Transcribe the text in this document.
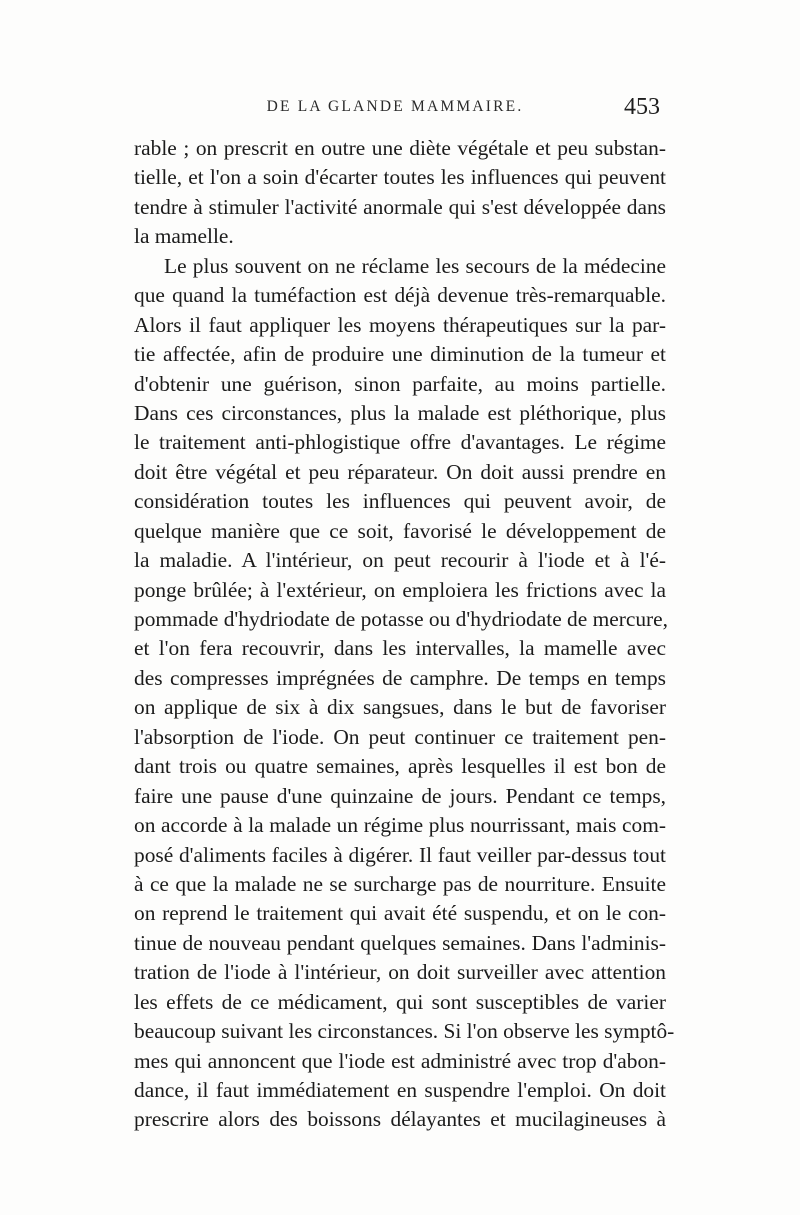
DE LA GLANDE MAMMAIRE.	453
rable ; on prescrit en outre une diète végétale et peu substan-
tielle, et l'on a soin d'écarter toutes les influences qui peuvent
tendre à stimuler l'activité anormale qui s'est développée dans
la mamelle.
Le plus souvent on ne réclame les secours de la médecine
que quand la tuméfaction est déjà devenue très-remarquable.
Alors il faut appliquer les moyens thérapeutiques sur la par-
tie affectée, afin de produire une diminution de la tumeur et
d'obtenir une guérison, sinon parfaite, au moins partielle.
Dans ces circonstances, plus la malade est pléthorique, plus
le traitement anti-phlogistique offre d'avantages. Le régime
doit être végétal et peu réparateur. On doit aussi prendre en
considération toutes les influences qui peuvent avoir, de
quelque manière que ce soit, favorisé le développement de
la maladie. A l'intérieur, on peut recourir à l'iode et à l'é-
ponge brûlée; à l'extérieur, on emploiera les frictions avec la
pommade d'hydriodate de potasse ou d'hydriodate de mercure,
et l'on fera recouvrir, dans les intervalles, la mamelle avec
des compresses imprégnées de camphre. De temps en temps
on applique de six à dix sangsues, dans le but de favoriser
l'absorption de l'iode. On peut continuer ce traitement pen-
dant trois ou quatre semaines, après lesquelles il est bon de
faire une pause d'une quinzaine de jours. Pendant ce temps,
on accorde à la malade un régime plus nourrissant, mais com-
posé d'aliments faciles à digérer. Il faut veiller par-dessus tout
à ce que la malade ne se surcharge pas de nourriture. Ensuite
on reprend le traitement qui avait été suspendu, et on le con-
tinue de nouveau pendant quelques semaines. Dans l'adminis-
tration de l'iode à l'intérieur, on doit surveiller avec attention
les effets de ce médicament, qui sont susceptibles de varier
beaucoup suivant les circonstances. Si l'on observe les symptô-
mes qui annoncent que l'iode est administré avec trop d'abon-
dance, il faut immédiatement en suspendre l'emploi. On doit
prescrire alors des boissons délayantes et mucilagineuses à
